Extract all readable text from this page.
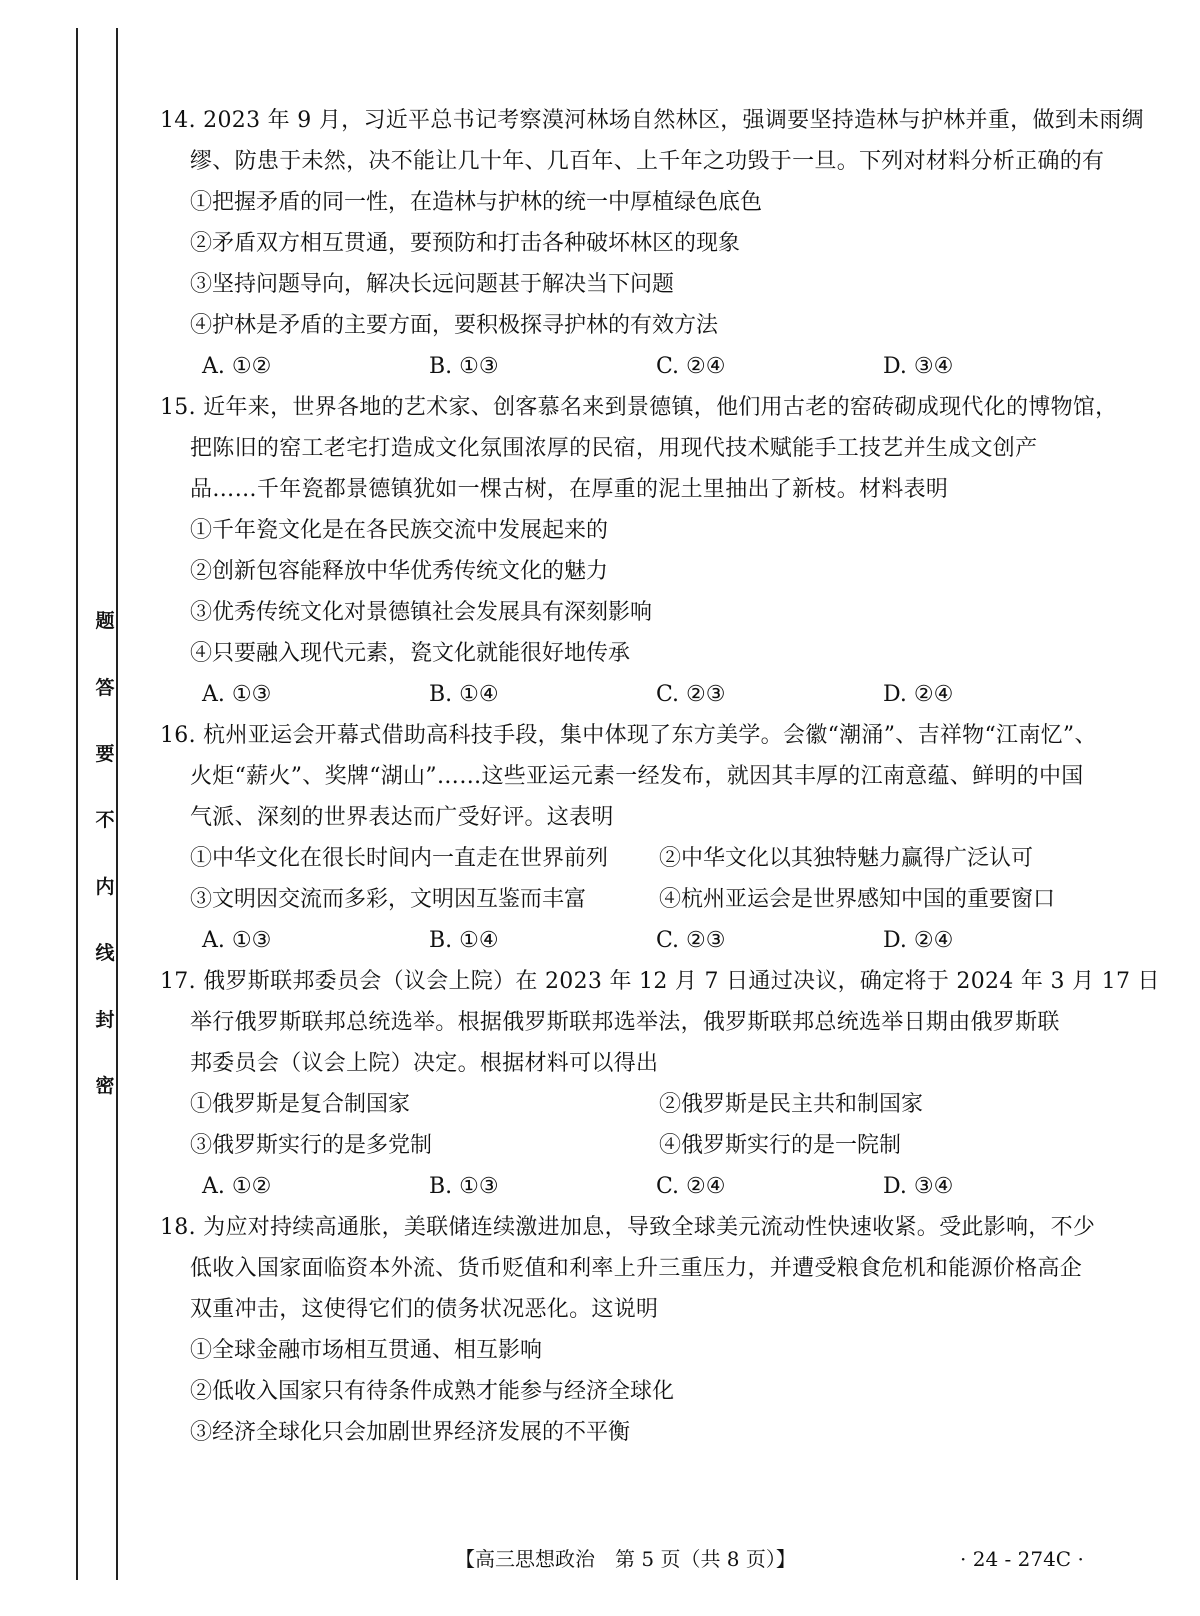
密
封
线
内
不
要
答
题
14. 2023 年 9 月，习近平总书记考察漠河林场自然林区，强调要坚持造林与护林并重，做到未雨绸
缪、防患于未然，决不能让几十年、几百年、上千年之功毁于一旦。下列对材料分析正确的有
①把握矛盾的同一性，在造林与护林的统一中厚植绿色底色
②矛盾双方相互贯通，要预防和打击各种破坏林区的现象
③坚持问题导向，解决长远问题甚于解决当下问题
④护林是矛盾的主要方面，要积极探寻护林的有效方法
A. ①②	B. ①③	C. ②④	D. ③④
15. 近年来，世界各地的艺术家、创客慕名来到景德镇，他们用古老的窑砖砌成现代化的博物馆，
把陈旧的窑工老宅打造成文化氛围浓厚的民宿，用现代技术赋能手工技艺并生成文创产
品……千年瓷都景德镇犹如一棵古树，在厚重的泥土里抽出了新枝。材料表明
①千年瓷文化是在各民族交流中发展起来的
②创新包容能释放中华优秀传统文化的魅力
③优秀传统文化对景德镇社会发展具有深刻影响
④只要融入现代元素，瓷文化就能很好地传承
A. ①③	B. ①④	C. ②③	D. ②④
16. 杭州亚运会开幕式借助高科技手段，集中体现了东方美学。会徽“潮涌”、吉祥物“江南忆”、
火炬“薪火”、奖牌“湖山”……这些亚运元素一经发布，就因其丰厚的江南意蕴、鲜明的中国
气派、深刻的世界表达而广受好评。这表明
①中华文化在很长时间内一直走在世界前列	②中华文化以其独特魅力赢得广泛认可
③文明因交流而多彩，文明因互鉴而丰富	④杭州亚运会是世界感知中国的重要窗口
A. ①③	B. ①④	C. ②③	D. ②④
17. 俄罗斯联邦委员会（议会上院）在 2023 年 12 月 7 日通过决议，确定将于 2024 年 3 月 17 日
举行俄罗斯联邦总统选举。根据俄罗斯联邦选举法，俄罗斯联邦总统选举日期由俄罗斯联
邦委员会（议会上院）决定。根据材料可以得出
①俄罗斯是复合制国家	②俄罗斯是民主共和制国家
③俄罗斯实行的是多党制	④俄罗斯实行的是一院制
A. ①②	B. ①③	C. ②④	D. ③④
18. 为应对持续高通胀，美联储连续激进加息，导致全球美元流动性快速收紧。受此影响，不少
低收入国家面临资本外流、货币贬值和利率上升三重压力，并遭受粮食危机和能源价格高企
双重冲击，这使得它们的债务状况恶化。这说明
①全球金融市场相互贯通、相互影响
②低收入国家只有待条件成熟才能参与经济全球化
③经济全球化只会加剧世界经济发展的不平衡
【高三思想政治　第 5 页（共 8 页）】	· 24 - 274C ·
